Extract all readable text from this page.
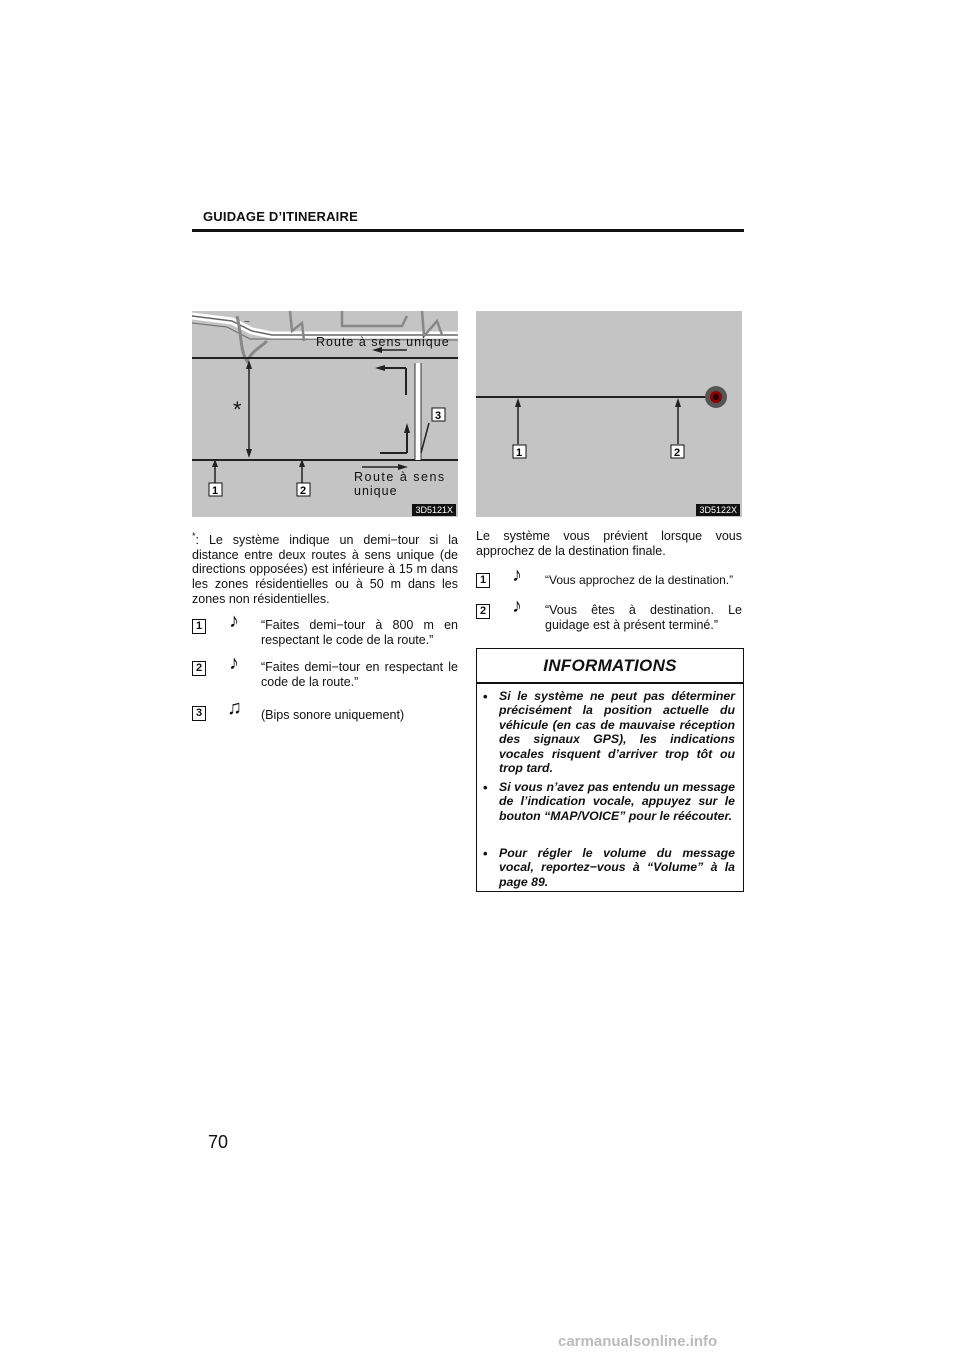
GUIDAGE D’ITINERAIRE
~
*
1	2
3
Route à sens unique
Route à sens
unique
3D5121X
1	2
3D5122X
*: Le système indique un demi−tour si la distance entre deux routes à sens unique (de directions opposées) est inférieure à 15 m dans les zones résidentielles ou à 50 m dans les zones non résidentielles.
1 ♪ “Faites demi−tour à 800 m en respectant le code de la route.”
2 ♪ “Faites demi−tour en respectant le code de la route.”
3 ♫ (Bips sonore uniquement)
Le système vous prévient lorsque vous approchez de la destination finale.
1 ♪ “Vous approchez de la destination.”
2 ♪ “Vous êtes à destination. Le guidage est à présent terminé.”
INFORMATIONS
• Si le système ne peut pas déterminer précisément la position actuelle du véhicule (en cas de mauvaise réception des signaux GPS), les indications vocales risquent d’arriver trop tôt ou trop tard.
• Si vous n’avez pas entendu un message de l’indication vocale, appuyez sur le bouton “MAP/VOICE” pour le réécouter.
• Pour régler le volume du message vocal, reportez−vous à “Volume” à la page 89.
70
carmanualsonline.info
